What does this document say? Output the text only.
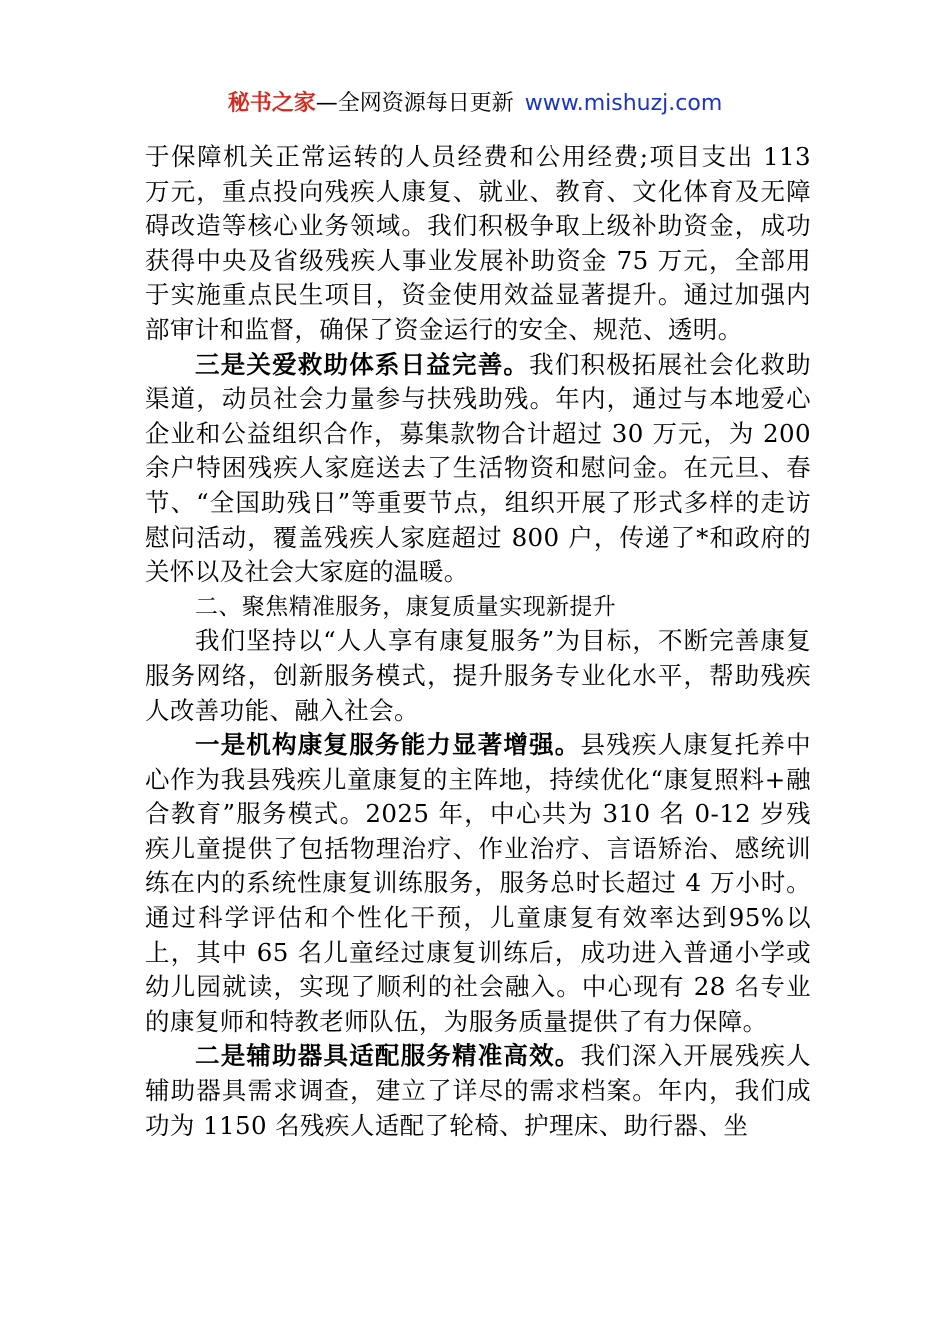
秘书之家—全网资源每日更新 www.mishuzj.com

于保障机关正常运转的人员经费和公用经费;项目支出 113 万元，重点投向残疾人康复、就业、教育、文化体育及无障碍改造等核心业务领域。我们积极争取上级补助资金，成功获得中央及省级残疾人事业发展补助资金 75 万元，全部用于实施重点民生项目，资金使用效益显著提升。通过加强内部审计和监督，确保了资金运行的安全、规范、透明。

三是关爱救助体系日益完善。我们积极拓展社会化救助渠道，动员社会力量参与扶残助残。年内，通过与本地爱心企业和公益组织合作，募集款物合计超过 30 万元，为 200 余户特困残疾人家庭送去了生活物资和慰问金。在元旦、春节、“全国助残日”等重要节点，组织开展了形式多样的走访慰问活动，覆盖残疾人家庭超过 800 户，传递了*和政府的关怀以及社会大家庭的温暖。

二、聚焦精准服务，康复质量实现新提升

我们坚持以“人人享有康复服务”为目标，不断完善康复服务网络，创新服务模式，提升服务专业化水平，帮助残疾人改善功能、融入社会。

一是机构康复服务能力显著增强。县残疾人康复托养中心作为我县残疾儿童康复的主阵地，持续优化“康复照料+融合教育”服务模式。2025 年，中心共为 310 名 0-12 岁残疾儿童提供了包括物理治疗、作业治疗、言语矫治、感统训练在内的系统性康复训练服务，服务总时长超过 4 万小时。通过科学评估和个性化干预，儿童康复有效率达到95%以上，其中 65 名儿童经过康复训练后，成功进入普通小学或幼儿园就读，实现了顺利的社会融入。中心现有 28 名专业的康复师和特教老师队伍，为服务质量提供了有力保障。

二是辅助器具适配服务精准高效。我们深入开展残疾人辅助器具需求调查，建立了详尽的需求档案。年内，我们成功为 1150 名残疾人适配了轮椅、护理床、助行器、坐
